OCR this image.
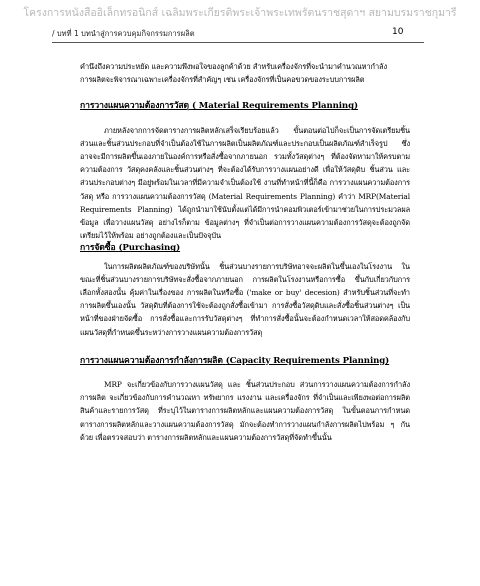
โครงการหนังสืออิเล็กทรอนิกส์ เฉลิมพระเกียรติพระเจ้าพระเทพรัตนราชสุดาฯ สยามบรมราชกุมารี
/ บทที่ 1 บทนำสู่การควบคุมกิจกรรมการผลิต	10

คำนึงถึงความประหยัด และความพึงพอใจของลูกค้าด้วย สำหรับเครื่องจักรที่จะนำมาคำนวณหากำลัง

การผลิตจะพิจารณาเฉพาะเครื่องจักรที่สำคัญๆ เช่น เครื่องจักรที่เป็นคอขวดของระบบการผลิต

การวางแผนความต้องการวัสดุ ( Material Requirements Planning)

ภายหลังจากการจัดตารางการผลิตหลักเสร็จเรียบร้อยแล้ว ขั้นตอนต่อไปก็จะเป็นการจัดเตรียมชิ้นส่วนและชิ้นส่วนประกอบที่จำเป็นต้องใช้ในการผลิตเป็นผลิตภัณฑ์และประกอบเป็นผลิตภัณฑ์สำเร็จรูป ซึ่งอาจจะมีการผลิตขึ้นเองภายในองค์การหรือสั่งซื้อจากภายนอก รวมทั้งวัสดุต่างๆ ที่ต้องจัดหามาให้ครบตามความต้องการ วัสดุคงคลังและชิ้นส่วนต่างๆ ที่จะต้องได้รับการวางแผนอย่างดี เพื่อให้วัสดุดิบ ชิ้นส่วน และส่วนประกอบต่างๆ มีอยู่พร้อมในเวลาที่มีความจำเป็นต้องใช้ งานที่ทำหน้าที่นี้ก็คือ การวางแผนความต้องการวัสดุ หรือ การวางแผนความต้องการวัสดุ (Material Requirements Planning) คำว่า MRP(Material Requirements Planning) ได้ถูกนำมาใช้นับตั้งแต่ได้มีการนำคอมพิวเตอร์เข้ามาช่วยในการประมวลผลข้อมูล เพื่อวางแผนวัสดุ อย่างไรก็ตาม ข้อมูลต่างๆ ที่จำเป็นต่อการวางแผนความต้องการวัสดุจะต้องถูกจัดเตรียมไว้ให้พร้อม อย่างถูกต้องและเป็นปัจจุบัน

การจัดซื้อ (Purchasing)

ในการผลิตผลิตภัณฑ์ของบริษัทนั้น ชิ้นส่วนบางรายการบริษัทอาจจะผลิตในขึ้นเองในโรงงาน ในขณะที่ชิ้นส่วนบางรายการบริษัทจะสั่งซื้อจากภายนอก การผลิตในโรงงานหรือการซื้อ ขึ้นกับเกี่ยวกับการเลือกทั้งสองนั้น คุ้มค่าในเรื่องของ การผลิตในหรือซื้อ ('make or buy' decesion) สำหรับชิ้นส่วนที่จะทำ การผลิตขึ้นเองนั้น วัสดุดิบที่ต้องการใช้จะต้องถูกสั่งซื้อเข้ามา การสั่งซื้อวัสดุดิบและสั่งซื้อชิ้นส่วนต่างๆ เป็นหน้าที่ของฝ่ายจัดซื้อ การสั่งซื้อและการรับวัสดุต่างๆ ที่ทำการสั่งซื้อนั้นจะต้องกำหนดเวลาให้สอดคล้องกับแผนวัสดุที่กำหนดขึ้นระหว่างการวางแผนความต้องการวัสดุ

การวางแผนความต้องการกำลังการผลิต (Capacity Requirements Planning)

MRP จะเกี่ยวข้องกับการวางแผนวัสดุ และ ชิ้นส่วนประกอบ ส่วนการวางแผนความต้องการกำลังการผลิต จะเกี่ยวข้องกับการคำนวณหา ทรัพยากร แรงงาน และเครื่องจักร ที่จำเป็นและเพียงพอต่อการผลิตสินค้าและรายการวัสดุ ที่ระบุไว้ในตารางการผลิตหลักและแผนความต้องการวัสดุ ในขั้นตอนการกำหนดตารางการผลิตหลักและวางแผนความต้องการวัสดุ มักจะต้องทำการวางแผนกำลังการผลิตไปพร้อม ๆ กันด้วย เพื่อตรวจสอบว่า ตารางการผลิตหลักและแผนความต้องการวัสดุที่จัดทำขึ้นนั้น
